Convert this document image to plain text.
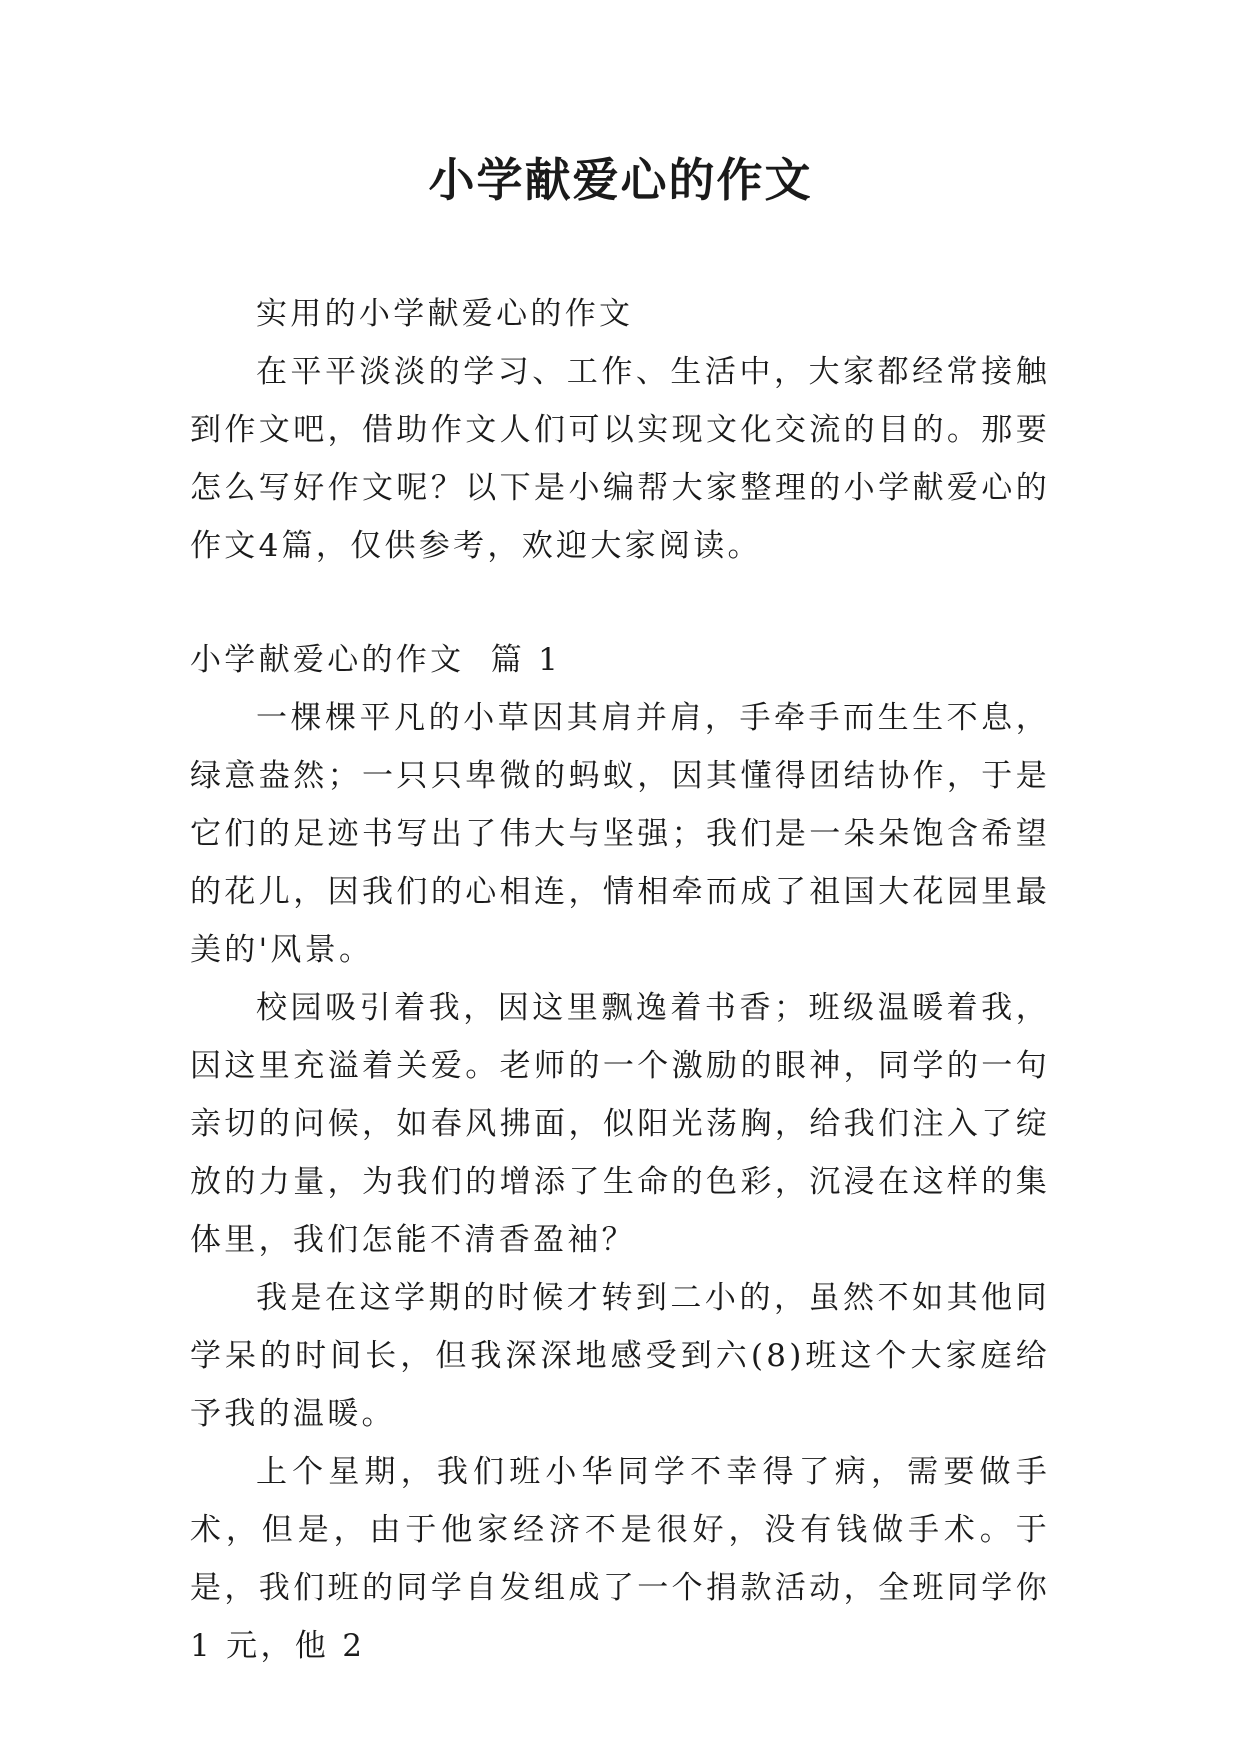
小学献爱心的作文

实用的小学献爱心的作文

在平平淡淡的学习、工作、生活中，大家都经常接触到作文吧，借助作文人们可以实现文化交流的目的。那要怎么写好作文呢？以下是小编帮大家整理的小学献爱心的作文4篇，仅供参考，欢迎大家阅读。

小学献爱心的作文  篇 1

一棵棵平凡的小草因其肩并肩，手牵手而生生不息，绿意盎然；一只只卑微的蚂蚁，因其懂得团结协作，于是它们的足迹书写出了伟大与坚强；我们是一朵朵饱含希望的花儿，因我们的心相连，情相牵而成了祖国大花园里最美的'风景。

校园吸引着我，因这里飘逸着书香；班级温暖着我，因这里充溢着关爱。老师的一个激励的眼神，同学的一句亲切的问候，如春风拂面，似阳光荡胸，给我们注入了绽放的力量，为我们的增添了生命的色彩，沉浸在这样的集体里，我们怎能不清香盈袖？

我是在这学期的时候才转到二小的，虽然不如其他同学呆的时间长，但我深深地感受到六(8)班这个大家庭给予我的温暖。

上个星期，我们班小华同学不幸得了病，需要做手术，但是，由于他家经济不是很好，没有钱做手术。于是，我们班的同学自发组成了一个捐款活动，全班同学你 1 元，他 2
